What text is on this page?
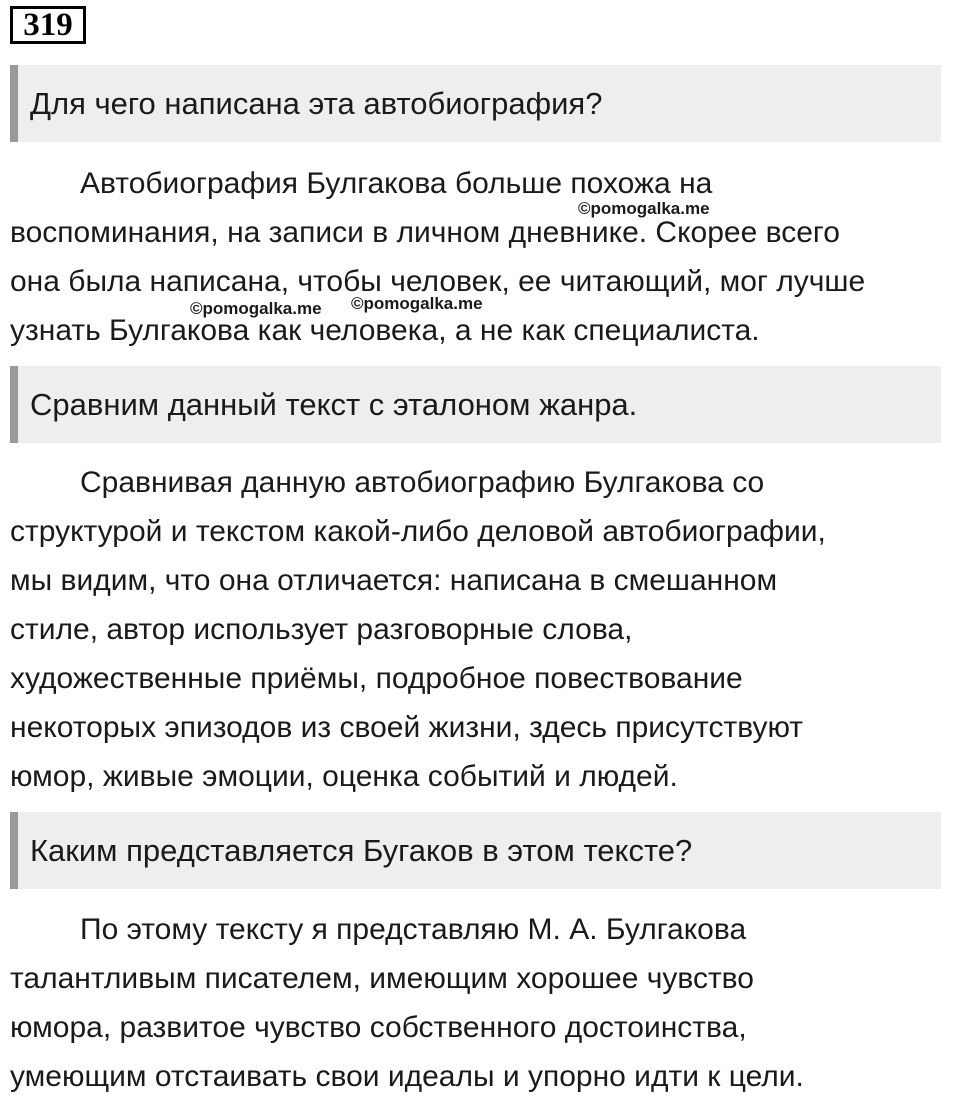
319
Для чего написана эта автобиография?
Автобиография Булгакова больше похожа на
воспоминания, на записи в личном дневнике. Скорее всего
она была написана, чтобы человек, ее читающий, мог лучше
узнать Булгакова как человека, а не как специалиста.
©pomogalka.me
©pomogalka.me ©pomogalka.me
Сравним данный текст с эталоном жанра.
Сравнивая данную автобиографию Булгакова со
структурой и текстом какой-либо деловой автобиографии,
мы видим, что она отличается: написана в смешанном
стиле, автор использует разговорные слова,
художественные приёмы, подробное повествование
некоторых эпизодов из своей жизни, здесь присутствуют
юмор, живые эмоции, оценка событий и людей.
Каким представляется Бугаков в этом тексте?
По этому тексту я представляю М. А. Булгакова
талантливым писателем, имеющим хорошее чувство
юмора, развитое чувство собственного достоинства,
умеющим отстаивать свои идеалы и упорно идти к цели.
